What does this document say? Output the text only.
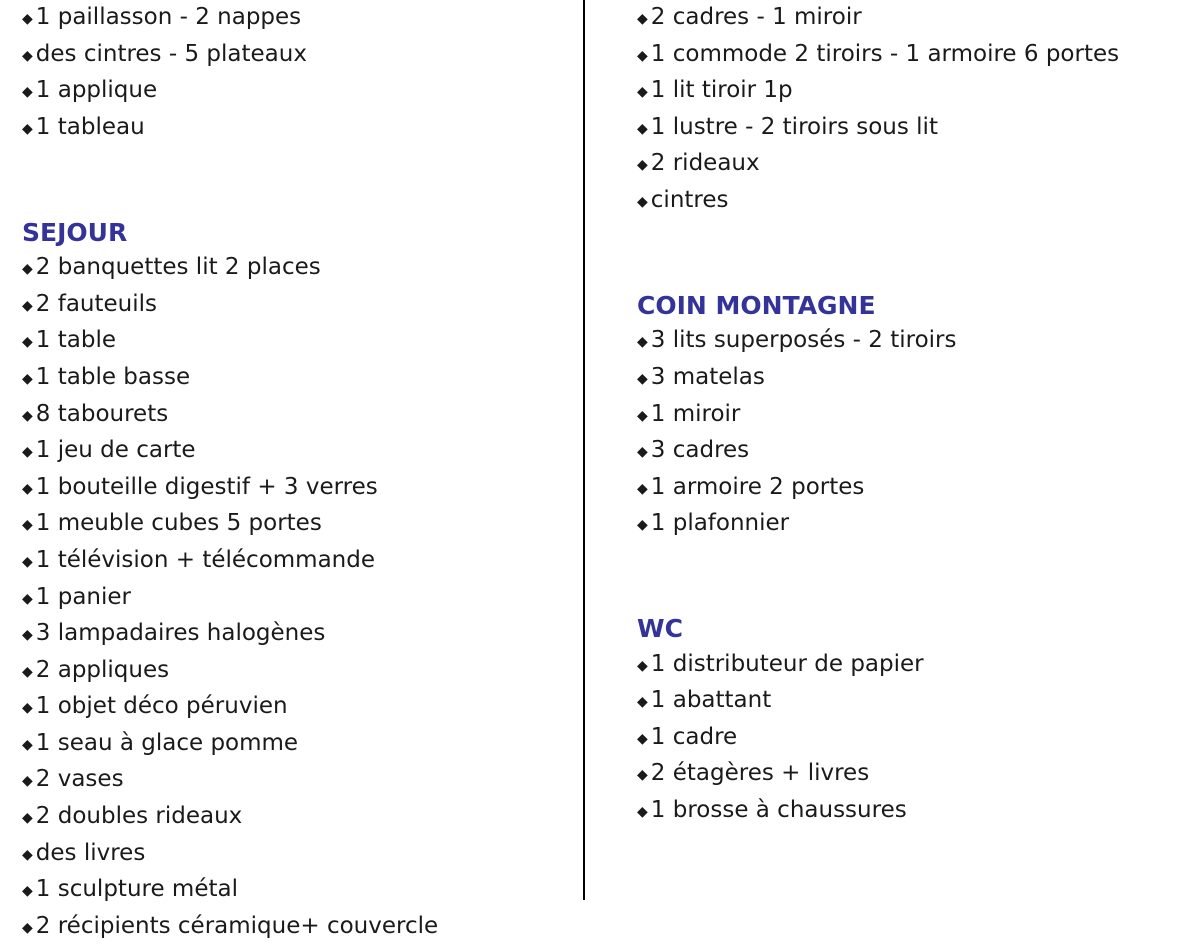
◆ 1 paillasson - 2 nappes
◆ des cintres - 5 plateaux
◆ 1 applique
◆ 1 tableau
SEJOUR
◆ 2 banquettes lit 2 places
◆ 2 fauteuils
◆ 1 table
◆ 1 table basse
◆ 8 tabourets
◆ 1 jeu de carte
◆ 1 bouteille digestif + 3 verres
◆ 1 meuble cubes 5 portes
◆ 1 télévision + télécommande
◆ 1 panier
◆ 3 lampadaires halogènes
◆ 2 appliques
◆ 1 objet déco péruvien
◆ 1 seau à glace pomme
◆ 2 vases
◆ 2 doubles rideaux
◆ des livres
◆ 1 sculpture métal
◆ 2 récipients céramique+ couvercle
◆ 2 cadres - 1 miroir
◆ 1 commode 2 tiroirs - 1 armoire 6 portes
◆ 1 lit tiroir 1p
◆ 1 lustre - 2 tiroirs sous lit
◆ 2 rideaux
◆ cintres
COIN MONTAGNE
◆ 3 lits superposés - 2 tiroirs
◆ 3 matelas
◆ 1 miroir
◆ 3 cadres
◆ 1 armoire 2 portes
◆ 1 plafonnier
WC
◆ 1 distributeur de papier
◆ 1 abattant
◆ 1 cadre
◆ 2 étagères + livres
◆ 1 brosse à chaussures
